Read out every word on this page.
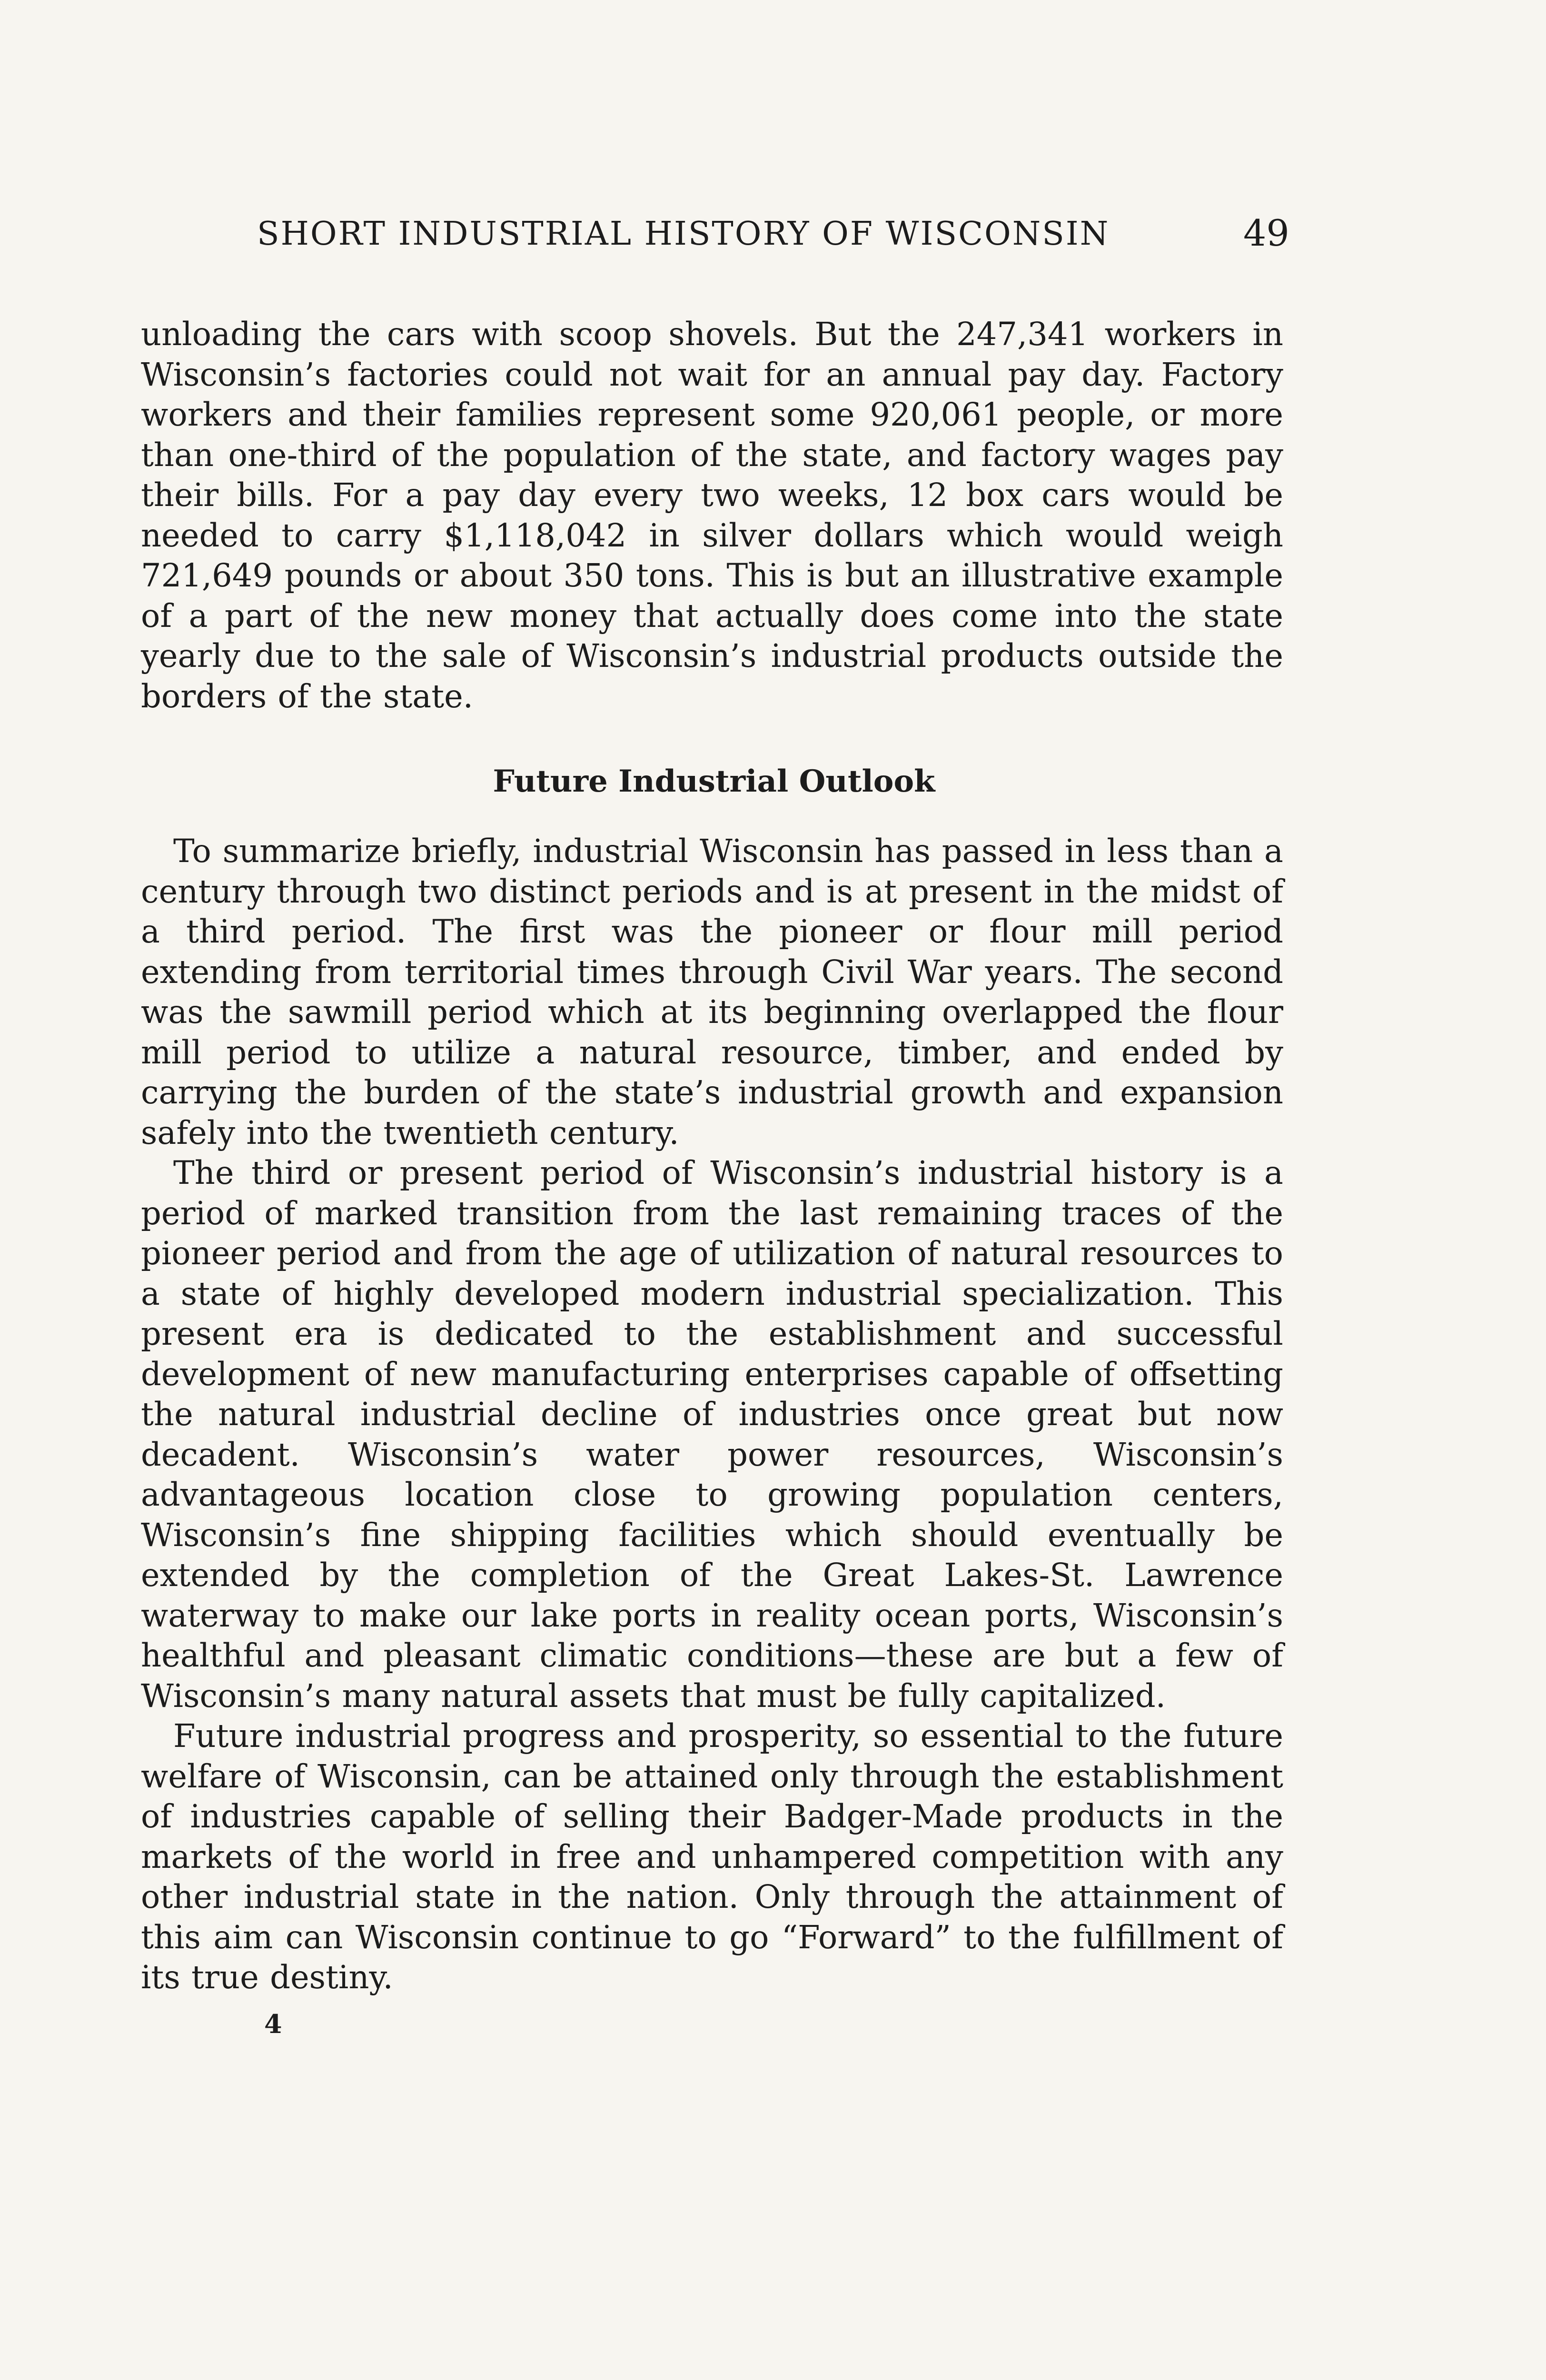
SHORT INDUSTRIAL HISTORY OF WISCONSIN	49

unloading the cars with scoop shovels. But the 247,341 workers in Wisconsin’s factories could not wait for an annual pay day. Factory workers and their families represent some 920,061 people, or more than one-third of the population of the state, and factory wages pay their bills. For a pay day every two weeks, 12 box cars would be needed to carry $1,118,042 in silver dollars which would weigh 721,649 pounds or about 350 tons. This is but an illustrative example of a part of the new money that actually does come into the state yearly due to the sale of Wisconsin’s industrial products outside the borders of the state.

Future Industrial Outlook

To summarize briefly, industrial Wisconsin has passed in less than a century through two distinct periods and is at present in the midst of a third period. The first was the pioneer or flour mill period extending from territorial times through Civil War years. The second was the sawmill period which at its beginning overlapped the flour mill period to utilize a natural resource, timber, and ended by carrying the burden of the state’s industrial growth and expansion safely into the twentieth century.

The third or present period of Wisconsin’s industrial history is a period of marked transition from the last remaining traces of the pioneer period and from the age of utilization of natural resources to a state of highly developed modern industrial specialization. This present era is dedicated to the establishment and successful development of new manufacturing enterprises capable of offsetting the natural industrial decline of industries once great but now decadent. Wisconsin’s water power resources, Wisconsin’s advantageous location close to growing population centers, Wisconsin’s fine shipping facilities which should eventually be extended by the completion of the Great Lakes-St. Lawrence waterway to make our lake ports in reality ocean ports, Wisconsin’s healthful and pleasant climatic conditions—these are but a few of Wisconsin’s many natural assets that must be fully capitalized.

Future industrial progress and prosperity, so essential to the future welfare of Wisconsin, can be attained only through the establishment of industries capable of selling their Badger-Made products in the markets of the world in free and unhampered competition with any other industrial state in the nation. Only through the attainment of this aim can Wisconsin continue to go “Forward” to the fulfillment of its true destiny.

4
